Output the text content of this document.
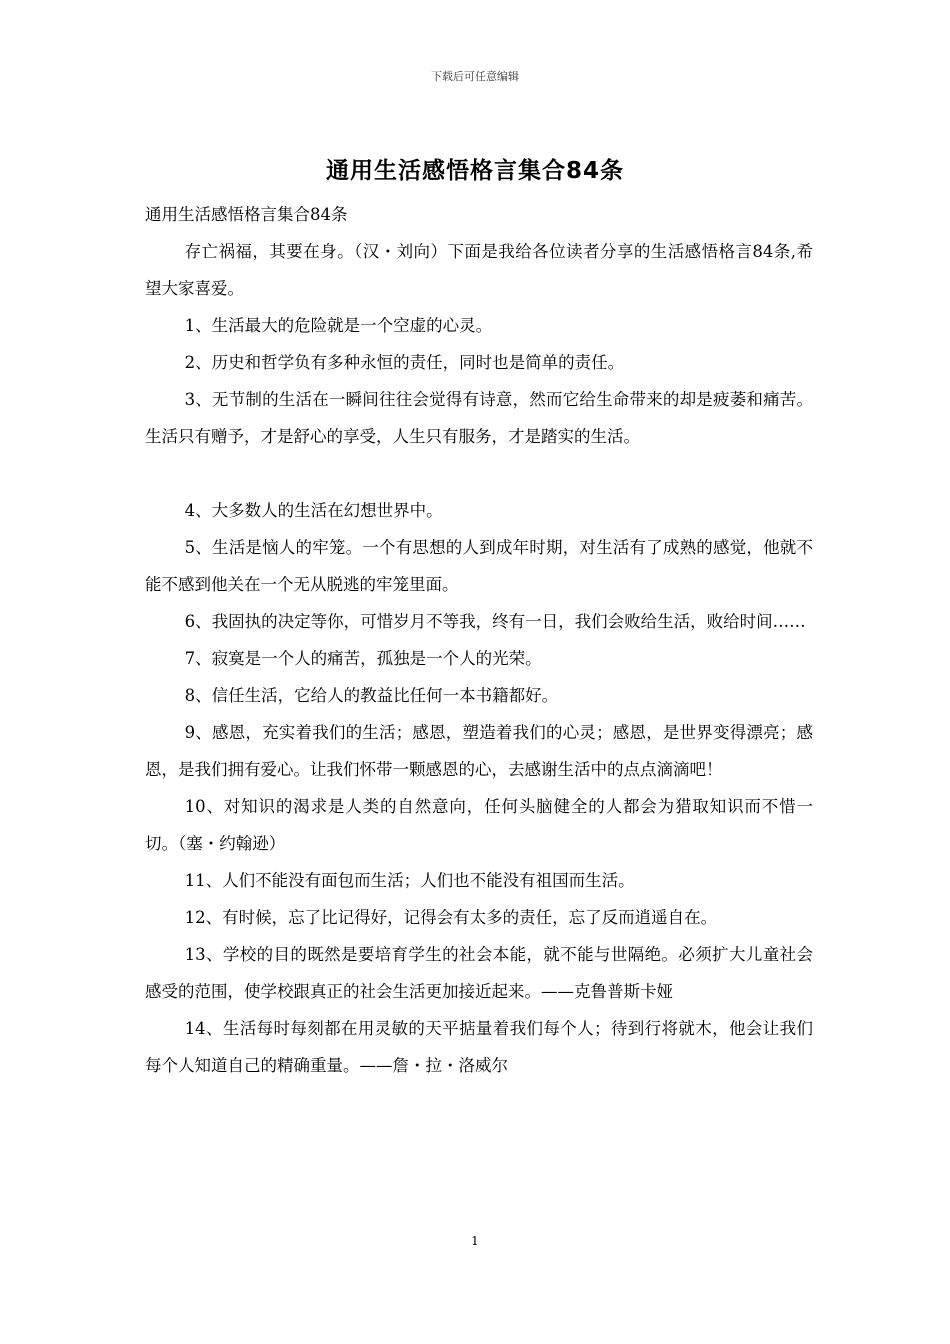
下载后可任意编辑
通用生活感悟格言集合84条

通用生活感悟格言集合84条

存亡祸福，其要在身。（汉・刘向）下面是我给各位读者分享的生活感悟格言84条,希望大家喜爱。

1、生活最大的危险就是一个空虚的心灵。

2、历史和哲学负有多种永恒的责任，同时也是简单的责任。

3、无节制的生活在一瞬间往往会觉得有诗意，然而它给生命带来的却是疲萎和痛苦。生活只有赠予，才是舒心的享受，人生只有服务，才是踏实的生活。

4、大多数人的生活在幻想世界中。

5、生活是恼人的牢笼。一个有思想的人到成年时期，对生活有了成熟的感觉，他就不能不感到他关在一个无从脱逃的牢笼里面。

6、我固执的决定等你，可惜岁月不等我，终有一日，我们会败给生活，败给时间……

7、寂寞是一个人的痛苦，孤独是一个人的光荣。

8、信任生活，它给人的教益比任何一本书籍都好。

9、感恩，充实着我们的生活；感恩，塑造着我们的心灵；感恩，是世界变得漂亮；感恩，是我们拥有爱心。让我们怀带一颗感恩的心，去感谢生活中的点点滴滴吧！

10、对知识的渴求是人类的自然意向，任何头脑健全的人都会为猎取知识而不惜一切。（塞・约翰逊）

11、人们不能没有面包而生活；人们也不能没有祖国而生活。

12、有时候，忘了比记得好，记得会有太多的责任，忘了反而逍遥自在。

13、学校的目的既然是要培育学生的社会本能，就不能与世隔绝。必须扩大儿童社会感受的范围，使学校跟真正的社会生活更加接近起来。——克鲁普斯卡娅

14、生活每时每刻都在用灵敏的天平掂量着我们每个人；待到行将就木，他会让我们每个人知道自己的精确重量。——詹・拉・洛威尔

1
